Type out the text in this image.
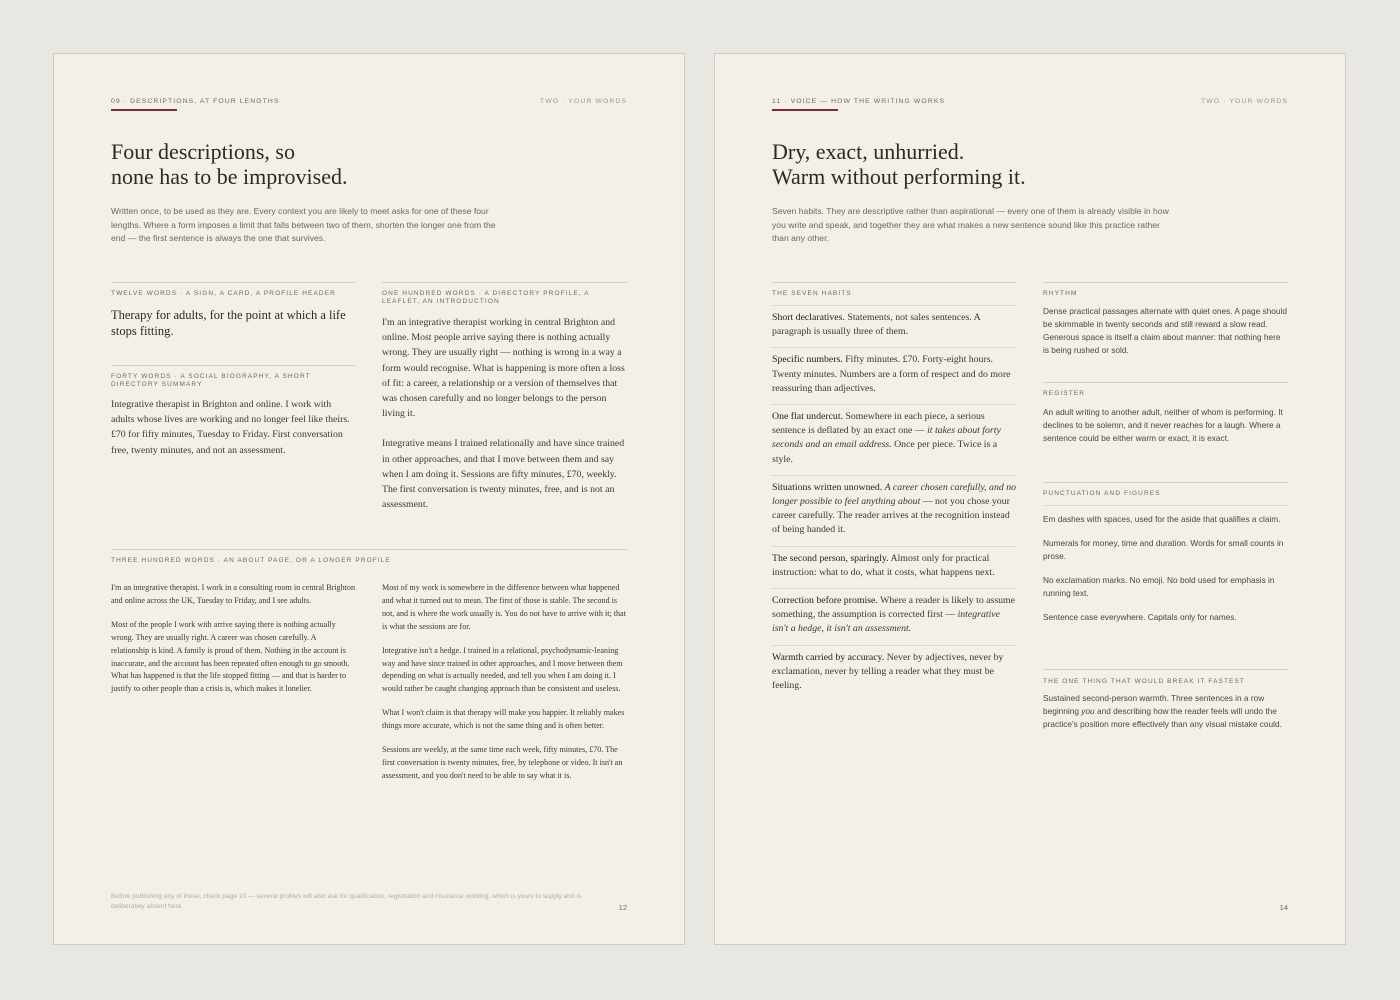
09 · DESCRIPTIONS, AT FOUR LENGTHS	TWO · YOUR WORDS
Four descriptions, so
none has to be improvised.
Written once, to be used as they are. Every context you are likely to meet asks for one of these four lengths. Where a form imposes a limit that falls between two of them, shorten the longer one from the end — the first sentence is always the one that survives.
TWELVE WORDS · A SIGN, A CARD, A PROFILE HEADER
Therapy for adults, for the point at which a life stops fitting.
FORTY WORDS · A SOCIAL BIOGRAPHY, A SHORT DIRECTORY SUMMARY
Integrative therapist in Brighton and online. I work with adults whose lives are working and no longer feel like theirs. £70 for fifty minutes, Tuesday to Friday. First conversation free, twenty minutes, and not an assessment.
ONE HUNDRED WORDS · A DIRECTORY PROFILE, A LEAFLET, AN INTRODUCTION

I'm an integrative therapist working in central Brighton and online. Most people arrive saying there is nothing actually wrong. They are usually right — nothing is wrong in a way a form would recognise. What is happening is more often a loss of fit: a career, a relationship or a version of themselves that was chosen carefully and no longer belongs to the person living it.

Integrative means I trained relationally and have since trained in other approaches, and that I move between them and say when I am doing it. Sessions are fifty minutes, £70, weekly. The first conversation is twenty minutes, free, and is not an assessment.

THREE HUNDRED WORDS · AN ABOUT PAGE, OR A LONGER PROFILE

I'm an integrative therapist. I work in a consulting room in central Brighton and online across the UK, Tuesday to Friday, and I see adults.

Most of the people I work with arrive saying there is nothing actually wrong. They are usually right. A career was chosen carefully. A relationship is kind. A family is proud of them. Nothing in the account is inaccurate, and the account has been repeated often enough to go smooth. What has happened is that the life stopped fitting — and that is harder to justify to other people than a crisis is, which makes it lonelier.

Most of my work is somewhere in the difference between what happened and what it turned out to mean. The first of those is stable. The second is not, and is where the work usually is. You do not have to arrive with it; that is what the sessions are for.

Integrative isn't a hedge. I trained in a relational, psychodynamic-leaning way and have since trained in other approaches, and I move between them depending on what is actually needed, and tell you when I am doing it. I would rather be caught changing approach than be consistent and useless.

What I won't claim is that therapy will make you happier. It reliably makes things more accurate, which is not the same thing and is often better.

Sessions are weekly, at the same time each week, fifty minutes, £70. The first conversation is twenty minutes, free, by telephone or video. It isn't an assessment, and you don't need to be able to say what it is.

Before publishing any of these, check page 10 — several profiles will also ask for qualification, registration and insurance wording, which is yours to supply and is deliberately absent here.	12
11 · VOICE — HOW THE WRITING WORKS	TWO · YOUR WORDS
Dry, exact, unhurried.
Warm without performing it.
Seven habits. They are descriptive rather than aspirational — every one of them is already visible in how you write and speak, and together they are what makes a new sentence sound like this practice rather than any other.
THE SEVEN HABITS
Short declaratives. Statements, not sales sentences. A paragraph is usually three of them.
Specific numbers. Fifty minutes. £70. Forty-eight hours. Twenty minutes. Numbers are a form of respect and do more reassuring than adjectives.
One flat undercut. Somewhere in each piece, a serious sentence is deflated by an exact one — it takes about forty seconds and an email address. Once per piece. Twice is a style.
Situations written unowned. A career chosen carefully, and no longer possible to feel anything about — not you chose your career carefully. The reader arrives at the recognition instead of being handed it.
The second person, sparingly. Almost only for practical instruction: what to do, what it costs, what happens next.
Correction before promise. Where a reader is likely to assume something, the assumption is corrected first — integrative isn't a hedge, it isn't an assessment.
Warmth carried by accuracy. Never by adjectives, never by exclamation, never by telling a reader what they must be feeling.
RHYTHM
Dense practical passages alternate with quiet ones. A page should be skimmable in twenty seconds and still reward a slow read. Generous space is itself a claim about manner: that nothing here is being rushed or sold.
REGISTER
An adult writing to another adult, neither of whom is performing. It declines to be solemn, and it never reaches for a laugh. Where a sentence could be either warm or exact, it is exact.
PUNCTUATION AND FIGURES
Em dashes with spaces, used for the aside that qualifies a claim.
Numerals for money, time and duration. Words for small counts in prose.
No exclamation marks. No emoji. No bold used for emphasis in running text.
Sentence case everywhere. Capitals only for names.
THE ONE THING THAT WOULD BREAK IT FASTEST
Sustained second-person warmth. Three sentences in a row beginning you and describing how the reader feels will undo the practice's position more effectively than any visual mistake could.
14
